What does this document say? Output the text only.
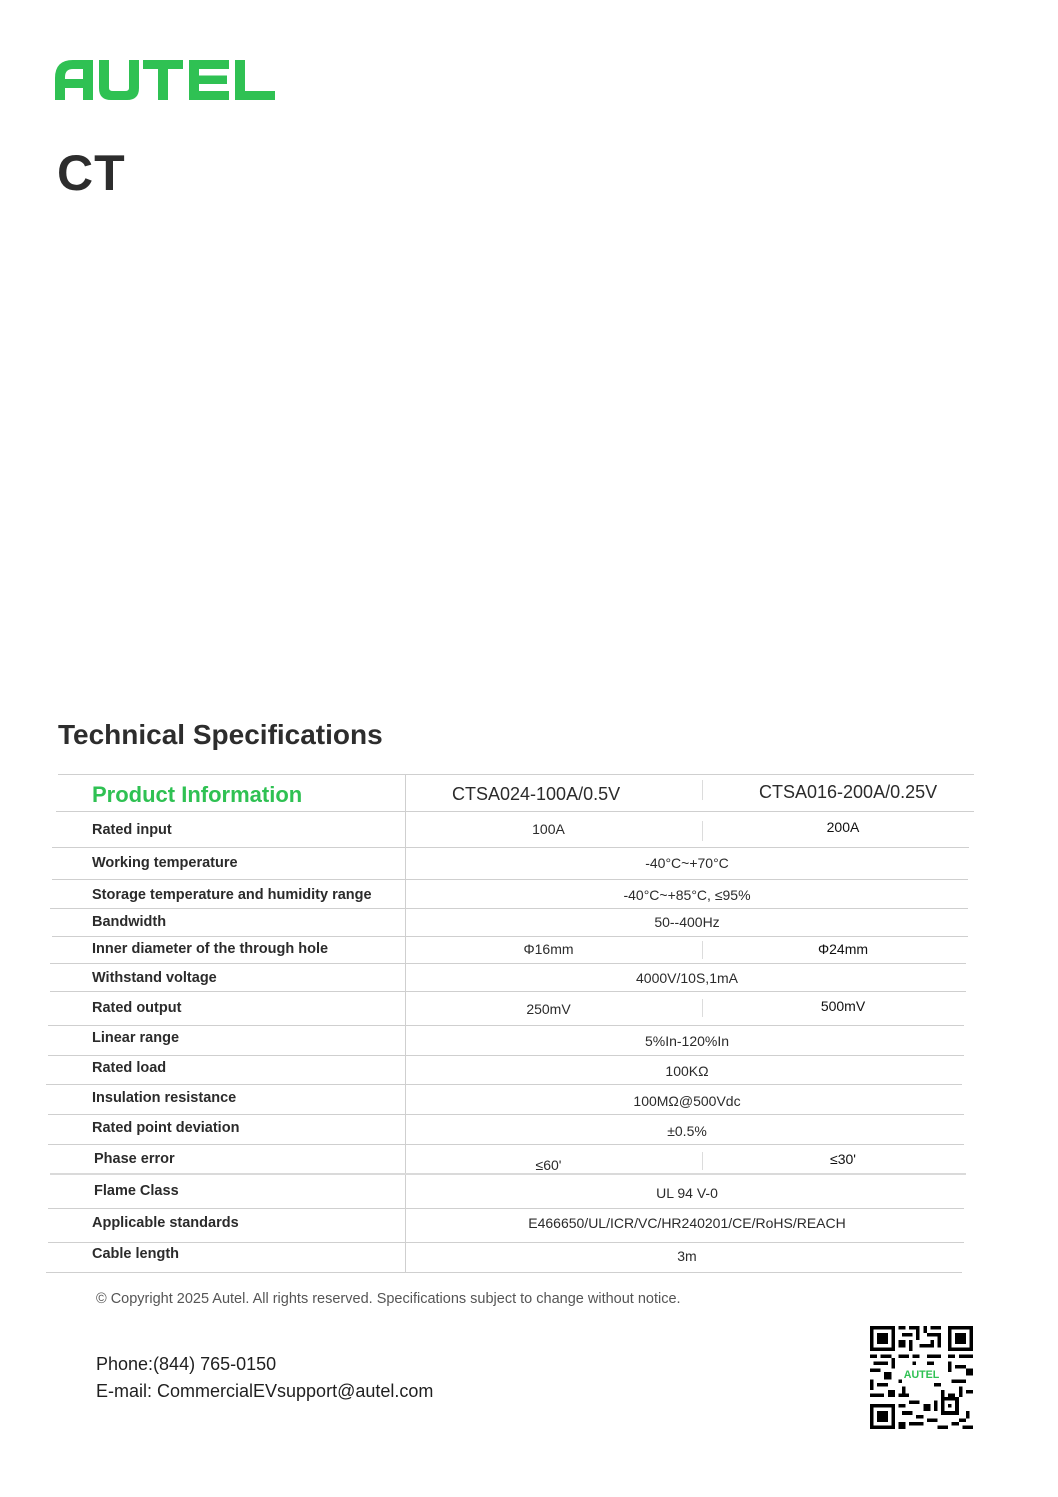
CT
Technical Specifications
Product Information	CTSA024-100A/0.5V	CTSA016-200A/0.25V
Rated input	100A	200A
Working temperature	-40°C~+70°C
Storage temperature and humidity range	-40°C~+85°C, ≤95%
Bandwidth	50--400Hz
Inner diameter of the through hole	Φ16mm	Φ24mm
Withstand voltage	4000V/10S,1mA
Rated output	250mV	500mV
Linear range	5%In-120%In
Rated load	100KΩ
Insulation resistance	100MΩ@500Vdc
Rated point deviation	±0.5%
Phase error	≤60'	≤30'
Flame Class	UL 94 V-0
Applicable standards	E466650/UL/ICR/VC/HR240201/CE/RoHS/REACH
Cable length	3m
© Copyright 2025 Autel. All rights reserved. Specifications subject to change without notice.
Phone:(844) 765-0150
E-mail: CommercialEVsupport@autel.com
AUTEL
